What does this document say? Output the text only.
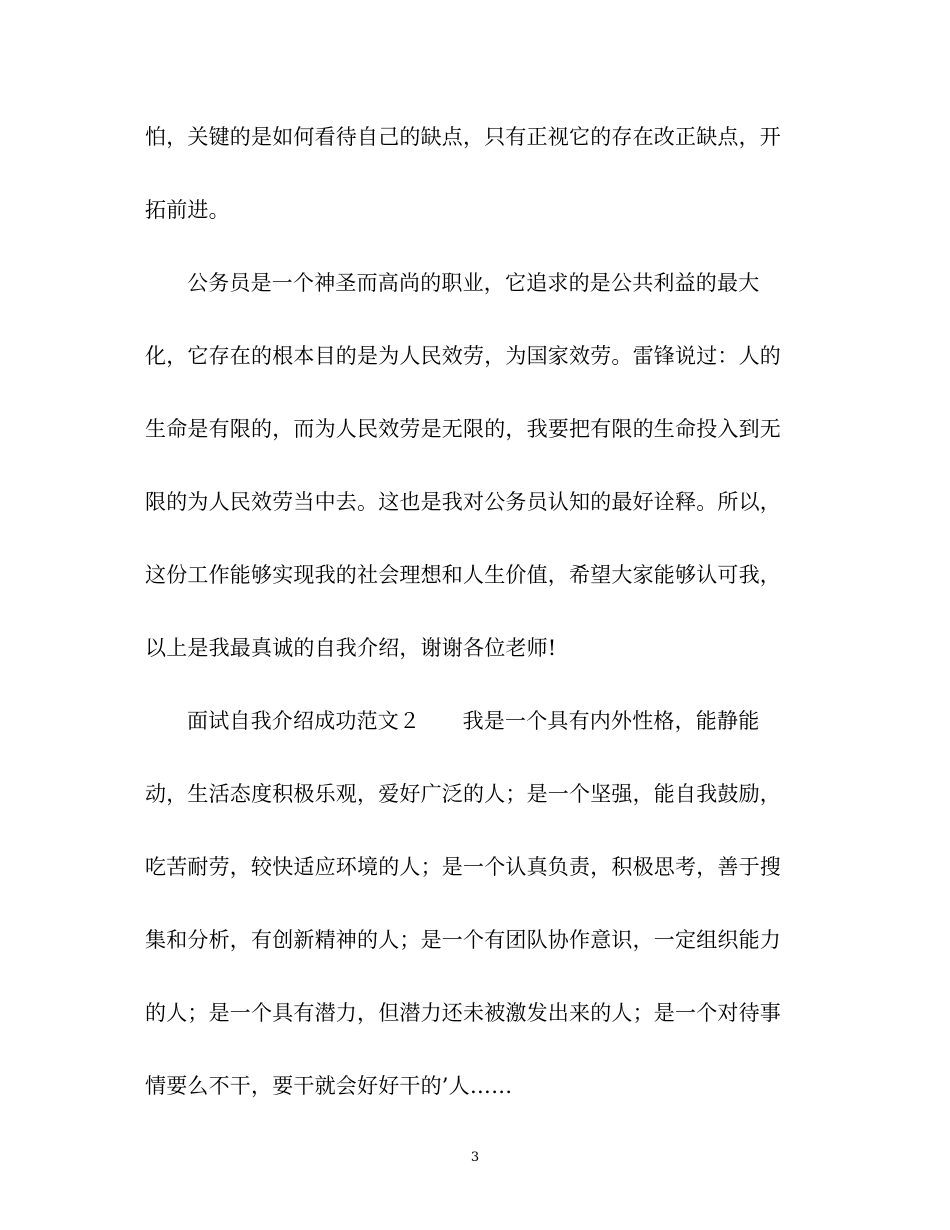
怕，关键的是如何看待自己的缺点，只有正视它的存在改正缺点，开
拓前进。
公务员是一个神圣而高尚的职业，它追求的是公共利益的最大
化，它存在的根本目的是为人民效劳，为国家效劳。雷锋说过：人的
生命是有限的，而为人民效劳是无限的，我要把有限的生命投入到无
限的为人民效劳当中去。这也是我对公务员认知的最好诠释。所以，
这份工作能够实现我的社会理想和人生价值，希望大家能够认可我，
以上是我最真诚的自我介绍，谢谢各位老师!
面试自我介绍成功范文２　　我是一个具有内外性格，能静能
动，生活态度积极乐观，爱好广泛的人；是一个坚强，能自我鼓励，
吃苦耐劳，较快适应环境的人；是一个认真负责，积极思考，善于搜
集和分析，有创新精神的人；是一个有团队协作意识，一定组织能力
的人；是一个具有潜力，但潜力还未被激发出来的人；是一个对待事
情要么不干，要干就会好好干的’人……
3
